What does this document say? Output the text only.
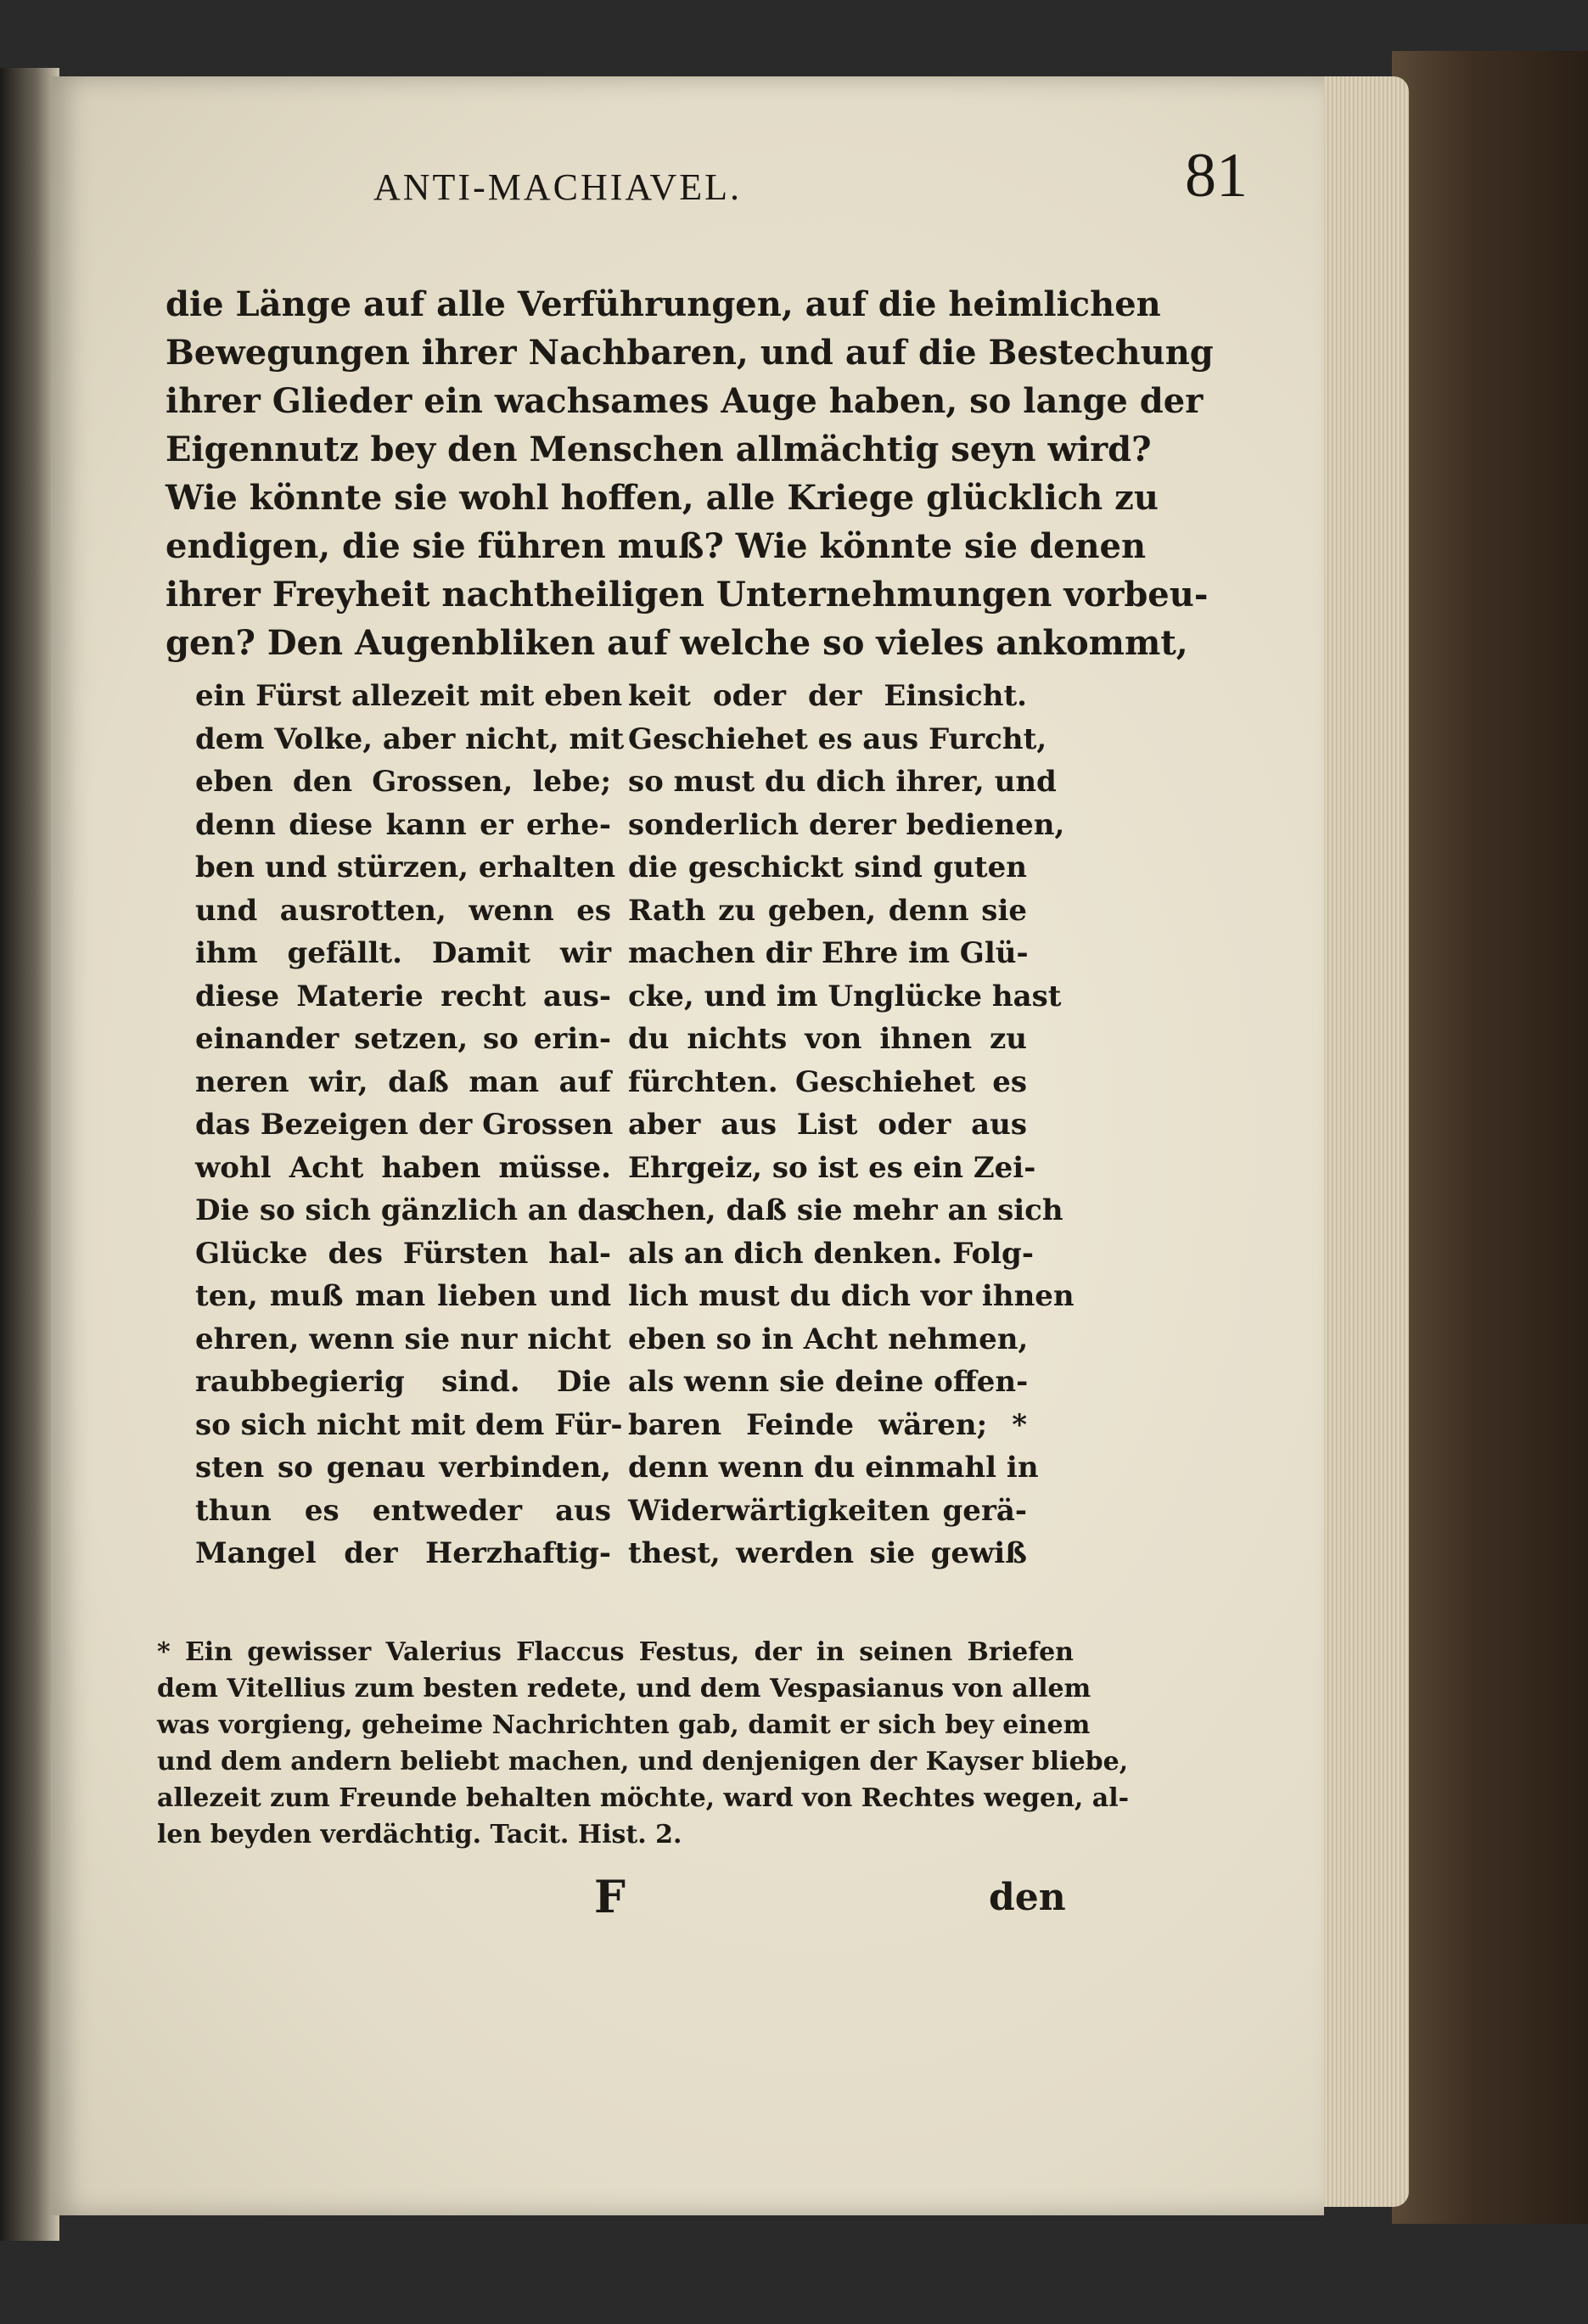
ANTI-MACHIAVEL.	81
die Länge auf alle Verführungen, auf die heimlichen
Bewegungen ihrer Nachbaren, und auf die Bestechung
ihrer Glieder ein wachsames Auge haben, so lange der
Eigennutz bey den Menschen allmächtig seyn wird?
Wie könnte sie wohl hoffen, alle Kriege glücklich zu
endigen, die sie führen muß? Wie könnte sie denen
ihrer Freyheit nachtheiligen Unternehmungen vorbeu-
gen? Den Augenbliken auf welche so vieles ankommt,
ein Fürst allezeit mit eben
dem Volke, aber nicht, mit
eben den Grossen, lebe;
denn diese kann er erhe-
ben und stürzen, erhalten
und ausrotten, wenn es
ihm gefällt. Damit wir
diese Materie recht aus-
einander setzen, so erin-
neren wir, daß man auf
das Bezeigen der Grossen
wohl Acht haben müsse.
Die so sich gänzlich an das
Glücke des Fürsten hal-
ten, muß man lieben und
ehren, wenn sie nur nicht
raubbegierig sind. Die
so sich nicht mit dem Für-
sten so genau verbinden,
thun es entweder aus
Mangel der Herzhaftig-
keit oder der Einsicht.
Geschiehet es aus Furcht,
so must du dich ihrer, und
sonderlich derer bedienen,
die geschickt sind guten
Rath zu geben, denn sie
machen dir Ehre im Glü-
cke, und im Unglücke hast
du nichts von ihnen zu
fürchten. Geschiehet es
aber aus List oder aus
Ehrgeiz, so ist es ein Zei-
chen, daß sie mehr an sich
als an dich denken. Folg-
lich must du dich vor ihnen
eben so in Acht nehmen,
als wenn sie deine offen-
baren Feinde wären; *
denn wenn du einmahl in
Widerwärtigkeiten gerä-
thest, werden sie gewiß
* Ein gewisser Valerius Flaccus Festus, der in seinen Briefen
dem Vitellius zum besten redete, und dem Vespasianus von allem
was vorgieng, geheime Nachrichten gab, damit er sich bey einem
und dem andern beliebt machen, und denjenigen der Kayser bliebe,
allezeit zum Freunde behalten möchte, ward von Rechtes wegen, al-
len beyden verdächtig. Tacit. Hist. 2.
F	den
